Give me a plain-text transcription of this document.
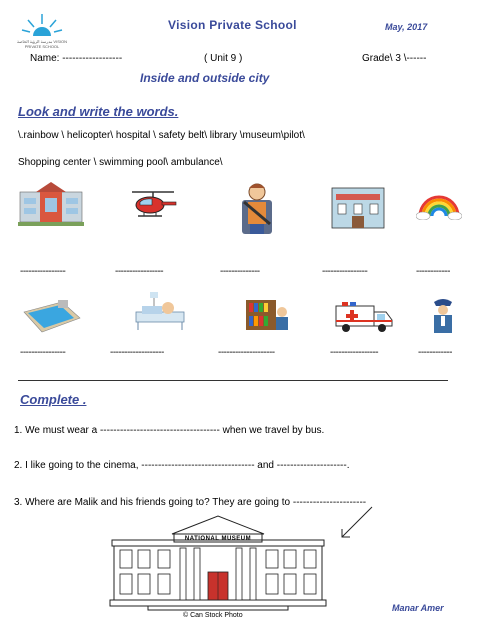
مدرسة الرؤية الخاصة VISION PRIVATE SCHOOL
Vision Private School	May, 2017
Name: ------------------	( Unit 9 )	Grade\ 3 \------
Inside and outside city
Look and write the words.
\.rainbow \ helicopter\ hospital \ safety belt\ library \museum\pilot\
Shopping center \ swimming pool\ ambulance\
----------------	-----------------	--------------	----------------	------------
----------------	-------------------	--------------------	-----------------	------------
Complete .
1. We must wear a ------------------------------------ when we travel by bus.
2. I like going to the cinema, ---------------------------------- and ---------------------.
3. Where are Malik and his friends going to? They are going to ----------------------
NATIONAL MUSEUM
© Can Stock Photo
Manar Amer
